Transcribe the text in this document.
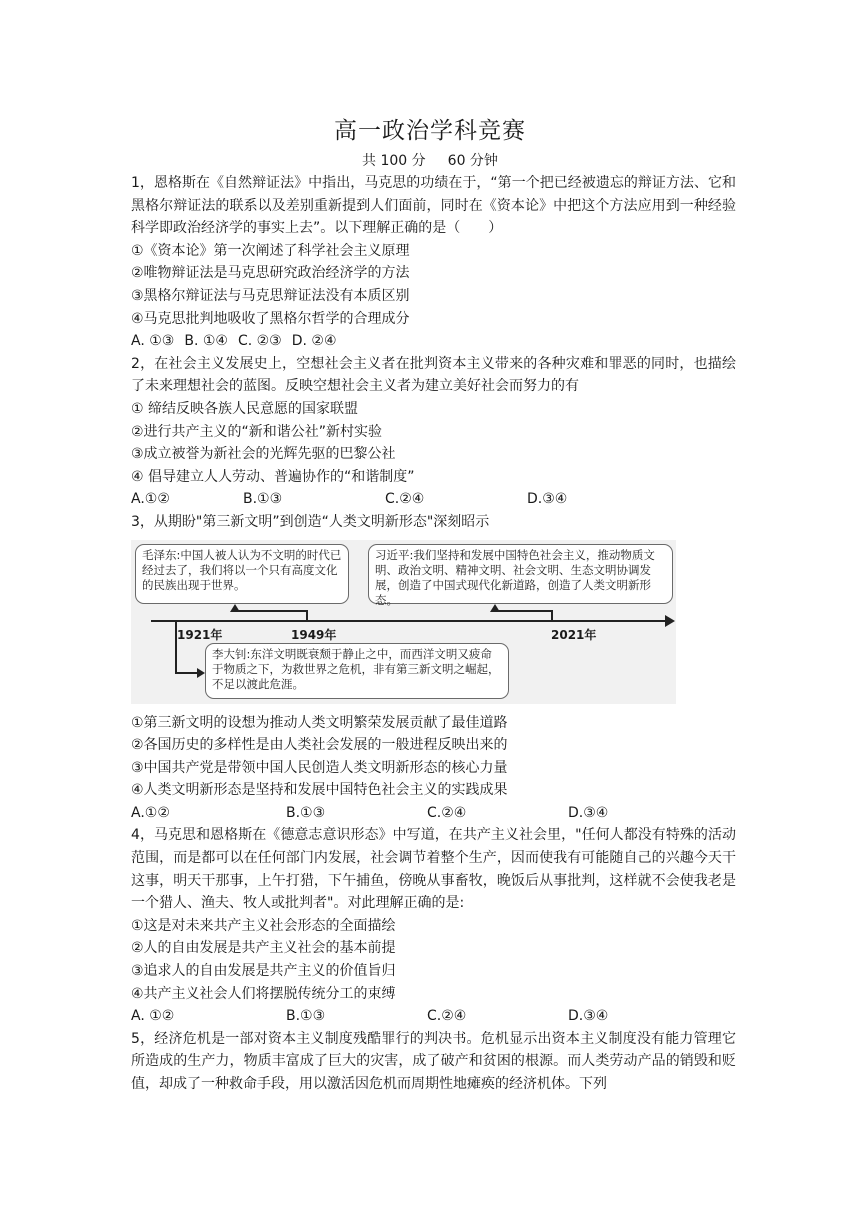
高一政治学科竞赛
共 100 分 60 分钟

1，恩格斯在《自然辩证法》中指出，马克思的功绩在于，“第一个把已经被遗忘的辩证方法、它和黑格尔辩证法的联系以及差别重新提到人们面前，同时在《资本论》中把这个方法应用到一种经验科学即政治经济学的事实上去”。以下理解正确的是（　　）

①《资本论》第一次阐述了科学社会主义原理

②唯物辩证法是马克思研究政治经济学的方法

③黑格尔辩证法与马克思辩证法没有本质区别

④马克思批判地吸收了黑格尔哲学的合理成分

A. ①③ B. ①④ C. ②③ D. ②④

2，在社会主义发展史上，空想社会主义者在批判资本主义带来的各种灾难和罪恶的同时，也描绘了未来理想社会的蓝图。反映空想社会主义者为建立美好社会而努力的有

① 缔结反映各族人民意愿的国家联盟

②进行共产主义的“新和谐公社”新村实验

③成立被誉为新社会的光辉先驱的巴黎公社

④ 倡导建立人人劳动、普遍协作的“和谐制度”

A.①②	B.①③	C.②④	D.③④

3，从期盼"第三新文明”到创造“人类文明新形态"深刻昭示

毛泽东:中国人被人认为不文明的时代已经过去了，我们将以一个只有高度文化的民族出现于世界。
习近平:我们坚持和发展中国特色社会主义，推动物质文明、政治文明、精神文明、社会文明、生态文明协调发展，创造了中国式现代化新道路，创造了人类文明新形态。
1921年	1949年	2021年
李大钊:东洋文明既衰颓于静止之中，而西洋文明又疲命于物质之下，为救世界之危机，非有第三新文明之崛起，不足以渡此危涯。

①第三新文明的设想为推动人类文明繁荣发展贡献了最佳道路

②各国历史的多样性是由人类社会发展的一般进程反映出来的

③中国共产党是带领中国人民创造人类文明新形态的核心力量

④人类文明新形态是坚持和发展中国特色社会主义的实践成果

A.①②	B.①③	C.②④	D.③④

4，马克思和恩格斯在《德意志意识形态》中写道，在共产主义社会里，"任何人都没有特殊的活动范围，而是都可以在任何部门内发展，社会调节着整个生产，因而使我有可能随自己的兴趣今天干这事，明天干那事，上午打猎，下午捕鱼，傍晚从事畜牧，晚饭后从事批判，这样就不会使我老是一个猎人、渔夫、牧人或批判者"。对此理解正确的是:

①这是对未来共产主义社会形态的全面描绘

②人的自由发展是共产主义社会的基本前提

③追求人的自由发展是共产主义的价值旨归

④共产主义社会人们将摆脱传统分工的束缚

A. ①②	B.①③	C.②④	D.③④

5，经济危机是一部对资本主义制度残酷罪行的判决书。危机显示出资本主义制度没有能力管理它所造成的生产力，物质丰富成了巨大的灾害，成了破产和贫困的根源。而人类劳动产品的销毁和贬值，却成了一种救命手段，用以激活因危机而周期性地瘫痪的经济机体。下列
